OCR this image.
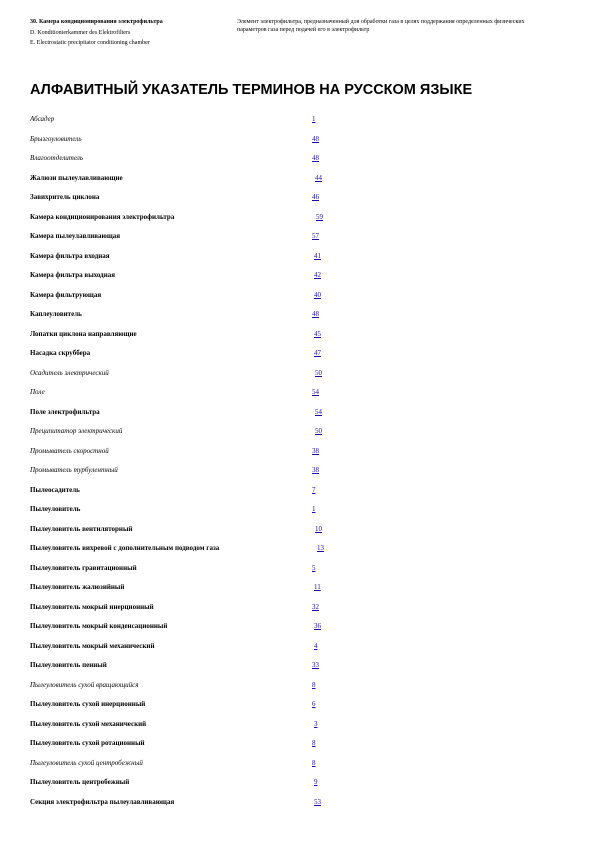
30. Камера кондиционирования электрофильтра
D. Konditionierkammer des Elektrofilters
E. Electrostatic precipitator conditioning chamber
Элемент электрофильтра, предназначенный для обработки газа в целях поддержания определенных физических параметров газа перед подачей его в электрофильтр
АЛФАВИТНЫЙ УКАЗАТЕЛЬ ТЕРМИНОВ НА РУССКОМ ЯЗЫКЕ
Абсадер	1
Брызгоуловитель	48
Влагоотделитель	48
Жалюзи пылеулавливающие	44
Завихритель циклона	46
Камера кондиционирования электрофильтра	59
Камера пылеулавливающая	57
Камера фильтра входная	41
Камера фильтра выходная	42
Камера фильтрующая	40
Каплеуловитель	48
Лопатки циклона направляющие	45
Насадка скруббера	47
Осадитель электрический	50
Поле	54
Поле электрофильтра	54
Преципитатор электрический	50
Промыватель скоростной	38
Промыватель турбулентный	38
Пылеосадитель	7
Пылеуловитель	1
Пылеуловитель вентиляторный	10
Пылеуловитель вихревой с дополнительным подводом газа	13
Пылеуловитель гравитационный	5
Пылеуловитель жалюзийный	11
Пылеуловитель мокрый инерционный	32
Пылеуловитель мокрый конденсационный	36
Пылеуловитель мокрый механический	4
Пылеуловитель пенный	33
Пылеуловитель сухой вращающийся	8
Пылеуловитель сухой инерционный	6
Пылеуловитель сухой механический	3
Пылеуловитель сухой ротационный	8
Пылеуловитель сухой центробежный	8
Пылеуловитель центробежный	9
Секция электрофильтра пылеулавливающая	53
